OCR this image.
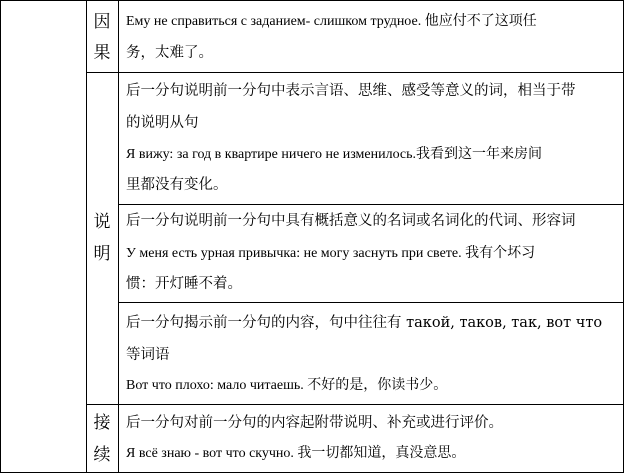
因
果
Ему не справиться с заданием- слишком трудное. 他应付不了这项任
务，太难了。
说
明
后一分句说明前一分句中表示言语、思维、感受等意义的词，相当于带
的说明从句
Я вижу: за год в квартире ничего не изменилось.我看到这一年来房间
里都没有变化。
后一分句说明前一分句中具有概括意义的名词或名词化的代词、形容词
У меня есть урная привычка: не могу заснуть при свете. 我有个坏习
惯：开灯睡不着。
后一分句揭示前一分句的内容，句中往往有 такой, таков, так, вот что
等词语
Вот что плохо: мало читаешь. 不好的是，你读书少。
接
续
后一分句对前一分句的内容起附带说明、补充或进行评价。
Я всё знаю - вот что скучно. 我一切都知道，真没意思。
